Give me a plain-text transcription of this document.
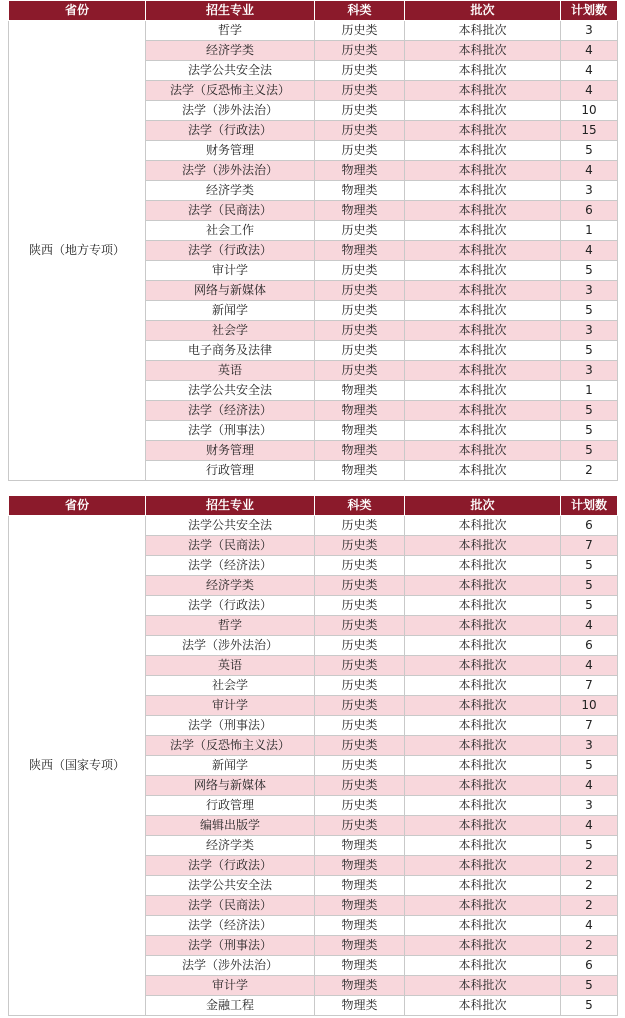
省份	招生专业	科类	批次	计划数
陕西（地方专项）	哲学	历史类	本科批次	3
	经济学类	历史类	本科批次	4
	法学公共安全法	历史类	本科批次	4
	法学（反恐怖主义法）	历史类	本科批次	4
	法学（涉外法治）	历史类	本科批次	10
	法学（行政法）	历史类	本科批次	15
	财务管理	历史类	本科批次	5
	法学（涉外法治）	物理类	本科批次	4
	经济学类	物理类	本科批次	3
	法学（民商法）	物理类	本科批次	6
	社会工作	历史类	本科批次	1
	法学（行政法）	物理类	本科批次	4
	审计学	历史类	本科批次	5
	网络与新媒体	历史类	本科批次	3
	新闻学	历史类	本科批次	5
	社会学	历史类	本科批次	3
	电子商务及法律	历史类	本科批次	5
	英语	历史类	本科批次	3
	法学公共安全法	物理类	本科批次	1
	法学（经济法）	物理类	本科批次	5
	法学（刑事法）	物理类	本科批次	5
	财务管理	物理类	本科批次	5
	行政管理	物理类	本科批次	2
省份	招生专业	科类	批次	计划数
陕西（国家专项）	法学公共安全法	历史类	本科批次	6
	法学（民商法）	历史类	本科批次	7
	法学（经济法）	历史类	本科批次	5
	经济学类	历史类	本科批次	5
	法学（行政法）	历史类	本科批次	5
	哲学	历史类	本科批次	4
	法学（涉外法治）	历史类	本科批次	6
	英语	历史类	本科批次	4
	社会学	历史类	本科批次	7
	审计学	历史类	本科批次	10
	法学（刑事法）	历史类	本科批次	7
	法学（反恐怖主义法）	历史类	本科批次	3
	新闻学	历史类	本科批次	5
	网络与新媒体	历史类	本科批次	4
	行政管理	历史类	本科批次	3
	编辑出版学	历史类	本科批次	4
	经济学类	物理类	本科批次	5
	法学（行政法）	物理类	本科批次	2
	法学公共安全法	物理类	本科批次	2
	法学（民商法）	物理类	本科批次	2
	法学（经济法）	物理类	本科批次	4
	法学（刑事法）	物理类	本科批次	2
	法学（涉外法治）	物理类	本科批次	6
	审计学	物理类	本科批次	5
	金融工程	物理类	本科批次	5
